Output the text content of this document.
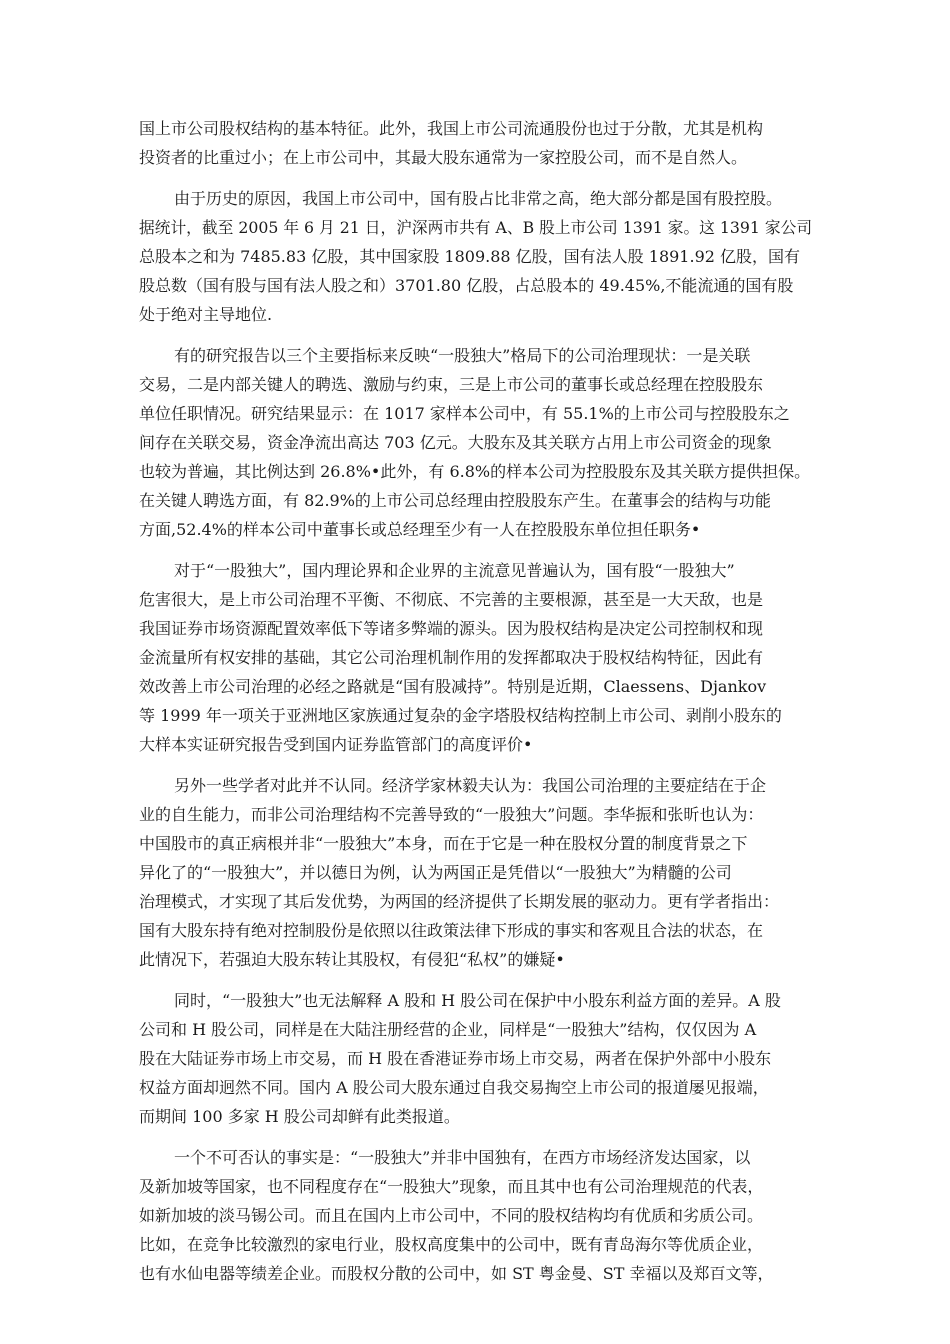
国上市公司股权结构的基本特征。此外，我国上市公司流通股份也过于分散，尤其是机构
投资者的比重过小；在上市公司中，其最大股东通常为一家控股公司，而不是自然人。
由于历史的原因，我国上市公司中，国有股占比非常之高，绝大部分都是国有股控股。
据统计，截至 2005 年 6 月 21 日，沪深两市共有 A、B 股上市公司 1391 家。这 1391 家公司
总股本之和为 7485.83 亿股，其中国家股 1809.88 亿股，国有法人股 1891.92 亿股，国有
股总数（国有股与国有法人股之和）3701.80 亿股，占总股本的 49.45%,不能流通的国有股
处于绝对主导地位.
有的研究报告以三个主要指标来反映“一股独大”格局下的公司治理现状：一是关联
交易，二是内部关键人的聘选、激励与约束，三是上市公司的董事长或总经理在控股股东
单位任职情况。研究结果显示：在 1017 家样本公司中，有 55.1%的上市公司与控股股东之
间存在关联交易，资金净流出高达 703 亿元。大股东及其关联方占用上市公司资金的现象
也较为普遍，其比例达到 26.8%•此外，有 6.8%的样本公司为控股股东及其关联方提供担保。
在关键人聘选方面，有 82.9%的上市公司总经理由控股股东产生。在董事会的结构与功能
方面,52.4%的样本公司中董事长或总经理至少有一人在控股股东单位担任职务•
对于“一股独大”，国内理论界和企业界的主流意见普遍认为，国有股“一股独大”
危害很大，是上市公司治理不平衡、不彻底、不完善的主要根源，甚至是一大天敌，也是
我国证券市场资源配置效率低下等诸多弊端的源头。因为股权结构是决定公司控制权和现
金流量所有权安排的基础，其它公司治理机制作用的发挥都取决于股权结构特征，因此有
效改善上市公司治理的必经之路就是“国有股减持”。特别是近期，Claessens、Djankov
等 1999 年一项关于亚洲地区家族通过复杂的金字塔股权结构控制上市公司、剥削小股东的
大样本实证研究报告受到国内证券监管部门的高度评价•
另外一些学者对此并不认同。经济学家林毅夫认为：我国公司治理的主要症结在于企
业的自生能力，而非公司治理结构不完善导致的“一股独大”问题。李华振和张昕也认为：
中国股市的真正病根并非“一股独大”本身，而在于它是一种在股权分置的制度背景之下
异化了的“一股独大”，并以德日为例，认为两国正是凭借以“一股独大”为精髓的公司
治理模式，才实现了其后发优势，为两国的经济提供了长期发展的驱动力。更有学者指出：
国有大股东持有绝对控制股份是依照以往政策法律下形成的事实和客观且合法的状态，在
此情况下，若强迫大股东转让其股权，有侵犯“私权”的嫌疑•
同时，“一股独大”也无法解释 A 股和 H 股公司在保护中小股东利益方面的差异。A 股
公司和 H 股公司，同样是在大陆注册经营的企业，同样是“一股独大”结构，仅仅因为 A
股在大陆证券市场上市交易，而 H 股在香港证券市场上市交易，两者在保护外部中小股东
权益方面却迥然不同。国内 A 股公司大股东通过自我交易掏空上市公司的报道屡见报端，
而期间 100 多家 H 股公司却鲜有此类报道。
一个不可否认的事实是：“一股独大”并非中国独有，在西方市场经济发达国家，以
及新加坡等国家，也不同程度存在“一股独大”现象，而且其中也有公司治理规范的代表，
如新加坡的淡马锡公司。而且在国内上市公司中，不同的股权结构均有优质和劣质公司。
比如，在竞争比较激烈的家电行业，股权高度集中的公司中，既有青岛海尔等优质企业，
也有水仙电器等绩差企业。而股权分散的公司中，如 ST 粤金曼、ST 幸福以及郑百文等，
